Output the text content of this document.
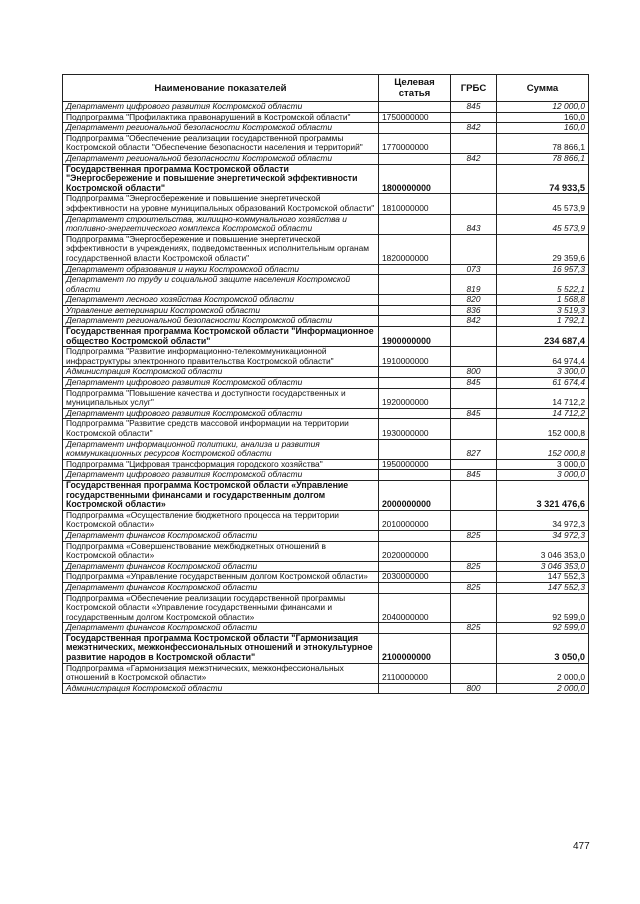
Наименование показателей	Целевая статья	ГРБС	Сумма
Департамент цифрового развития Костромской области		845	12 000,0
Подпрограмма "Профилактика правонарушений в Костромской области"	1750000000		160,0
Департамент региональной безопасности Костромской области		842	160,0
Подпрограмма "Обеспечение реализации государственной программы Костромской области "Обеспечение безопасности населения и территорий"	1770000000		78 866,1
Департамент региональной безопасности Костромской области		842	78 866,1
Государственная программа Костромской области "Энергосбережение и повышение энергетической эффективности Костромской области"	1800000000		74 933,5
Подпрограмма "Энергосбережение и повышение энергетической эффективности на уровне муниципальных образований Костромской области"	1810000000		45 573,9
Департамент строительства, жилищно-коммунального хозяйства и топливно-энергетического комплекса Костромской области		843	45 573,9
Подпрограмма "Энергосбережение и повышение энергетической эффективности в учреждениях, подведомственных исполнительным органам государственной власти Костромской области"	1820000000		29 359,6
Департамент образования и науки Костромской области		073	16 957,3
Департамент по труду и социальной защите населения Костромской области		819	5 522,1
Департамент лесного хозяйства Костромской области		820	1 568,8
Управление ветеринарии Костромской области		836	3 519,3
Департамент региональной безопасности Костромской области		842	1 792,1
Государственная программа Костромской области "Информационное общество Костромской области"	1900000000		234 687,4
Подпрограмма "Развитие информационно-телекоммуникационной инфраструктуры электронного правительства Костромской области"	1910000000		64 974,4
Администрация Костромской области		800	3 300,0
Департамент цифрового развития Костромской области		845	61 674,4
Подпрограмма "Повышение качества и доступности государственных и муниципальных услуг"	1920000000		14 712,2
Департамент цифрового развития Костромской области		845	14 712,2
Подпрограмма "Развитие средств массовой информации на территории Костромской области"	1930000000		152 000,8
Департамент информационной политики, анализа и развития коммуникационных ресурсов Костромской области		827	152 000,8
Подпрограмма "Цифровая трансформация городского хозяйства"	1950000000		3 000,0
Департамент цифрового развития Костромской области		845	3 000,0
Государственная программа Костромской области «Управление государственными финансами и государственным долгом Костромской области»	2000000000		3 321 476,6
Подпрограмма «Осуществление бюджетного процесса на территории Костромской области»	2010000000		34 972,3
Департамент финансов Костромской области		825	34 972,3
Подпрограмма «Совершенствование межбюджетных отношений в Костромской области»	2020000000		3 046 353,0
Департамент финансов Костромской области		825	3 046 353,0
Подпрограмма «Управление государственным долгом Костромской области»	2030000000		147 552,3
Департамент финансов Костромской области		825	147 552,3
Подпрограмма «Обеспечение реализации государственной программы Костромской области «Управление государственными финансами и государственным долгом Костромской области»	2040000000		92 599,0
Департамент финансов Костромской области		825	92 599,0
Государственная программа Костромской области "Гармонизация межэтнических, межконфессиональных отношений и этнокультурное развитие народов в Костромской области"	2100000000		3 050,0
Подпрограмма «Гармонизация межэтнических, межконфессиональных отношений в Костромской области»	2110000000		2 000,0
Администрация Костромской области		800	2 000,0
477
